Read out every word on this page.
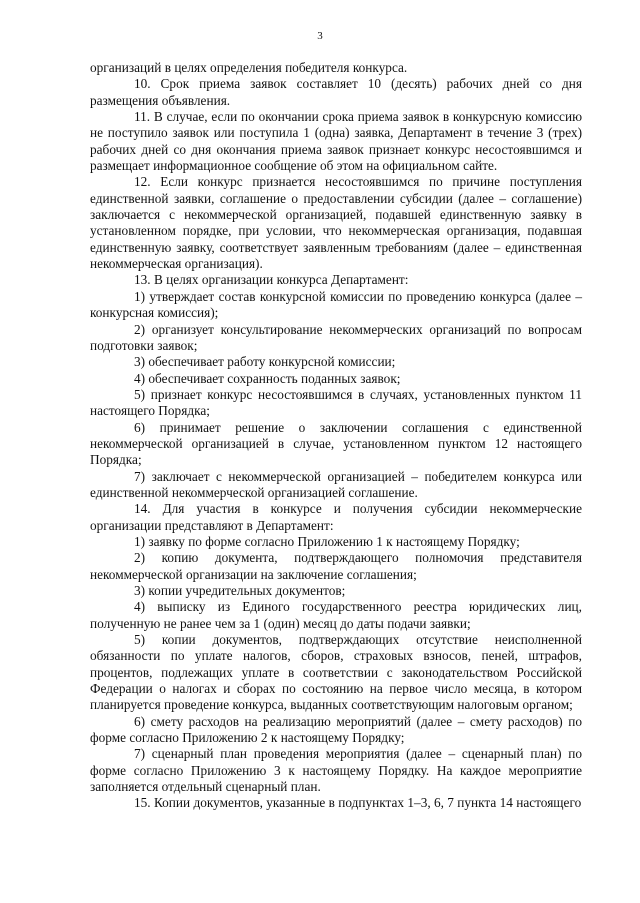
3

организаций в целях определения победителя конкурса.

10. Срок приема заявок составляет 10 (десять) рабочих дней со дня размещения объявления.

11. В случае, если по окончании срока приема заявок в конкурсную комиссию не поступило заявок или поступила 1 (одна) заявка, Департамент в течение 3 (трех) рабочих дней со дня окончания приема заявок признает конкурс несостоявшимся и размещает информационное сообщение об этом на официальном сайте.

12. Если конкурс признается несостоявшимся по причине поступления единственной заявки, соглашение о предоставлении субсидии (далее – соглашение) заключается с некоммерческой организацией, подавшей единственную заявку в установленном порядке, при условии, что некоммерческая организация, подавшая единственную заявку, соответствует заявленным требованиям (далее – единственная некоммерческая организация).

13. В целях организации конкурса Департамент:

1) утверждает состав конкурсной комиссии по проведению конкурса (далее – конкурсная комиссия);

2) организует консультирование некоммерческих организаций по вопросам подготовки заявок;

3) обеспечивает работу конкурсной комиссии;

4) обеспечивает сохранность поданных заявок;

5) признает конкурс несостоявшимся в случаях, установленных пунктом 11 настоящего Порядка;

6) принимает решение о заключении соглашения с единственной некоммерческой организацией в случае, установленном пунктом 12 настоящего Порядка;

7) заключает с некоммерческой организацией – победителем конкурса или единственной некоммерческой организацией соглашение.

14. Для участия в конкурсе и получения субсидии некоммерческие организации представляют в Департамент:

1) заявку по форме согласно Приложению 1 к настоящему Порядку;

2) копию документа, подтверждающего полномочия представителя некоммерческой организации на заключение соглашения;

3) копии учредительных документов;

4) выписку из Единого государственного реестра юридических лиц, полученную не ранее чем за 1 (один) месяц до даты подачи заявки;

5) копии документов, подтверждающих отсутствие неисполненной обязанности по уплате налогов, сборов, страховых взносов, пеней, штрафов, процентов, подлежащих уплате в соответствии с законодательством Российской Федерации о налогах и сборах по состоянию на первое число месяца, в котором планируется проведение конкурса, выданных соответствующим налоговым органом;

6) смету расходов на реализацию мероприятий (далее – смету расходов) по форме согласно Приложению 2 к настоящему Порядку;

7) сценарный план проведения мероприятия (далее – сценарный план) по форме согласно Приложению 3 к настоящему Порядку. На каждое мероприятие заполняется отдельный сценарный план.

15. Копии документов, указанные в подпунктах 1–3, 6, 7 пункта 14 настоящего
